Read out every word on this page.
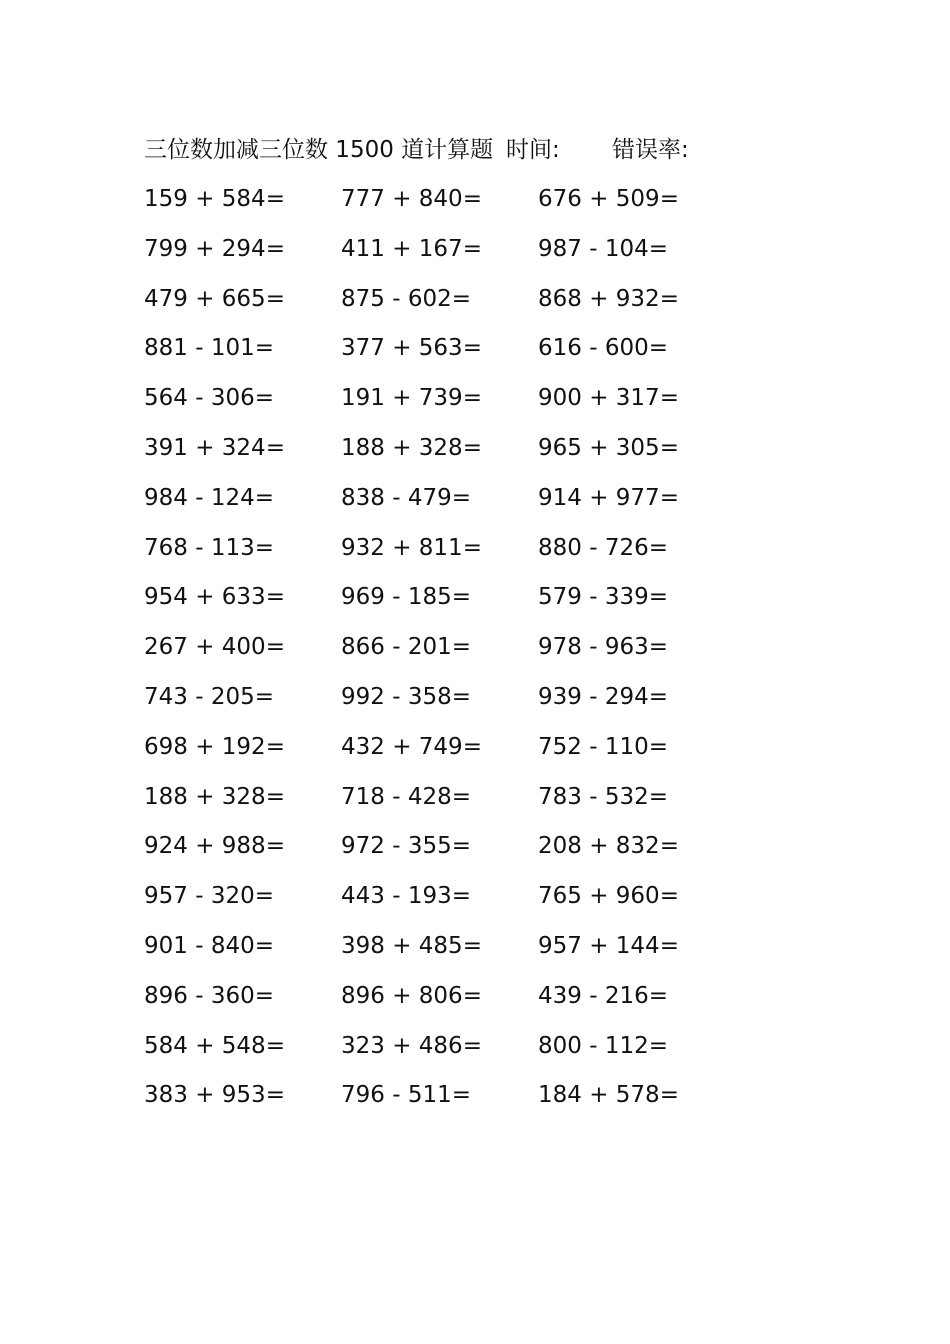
三位数加减三位数 1500 道计算题 时间: 错误率:
159 + 584=	777 + 840=	676 + 509=
799 + 294=	411 + 167=	987 - 104=
479 + 665=	875 - 602=	868 + 932=
881 - 101=	377 + 563=	616 - 600=
564 - 306=	191 + 739=	900 + 317=
391 + 324=	188 + 328=	965 + 305=
984 - 124=	838 - 479=	914 + 977=
768 - 113=	932 + 811=	880 - 726=
954 + 633=	969 - 185=	579 - 339=
267 + 400=	866 - 201=	978 - 963=
743 - 205=	992 - 358=	939 - 294=
698 + 192=	432 + 749=	752 - 110=
188 + 328=	718 - 428=	783 - 532=
924 + 988=	972 - 355=	208 + 832=
957 - 320=	443 - 193=	765 + 960=
901 - 840=	398 + 485=	957 + 144=
896 - 360=	896 + 806=	439 - 216=
584 + 548=	323 + 486=	800 - 112=
383 + 953=	796 - 511=	184 + 578=
